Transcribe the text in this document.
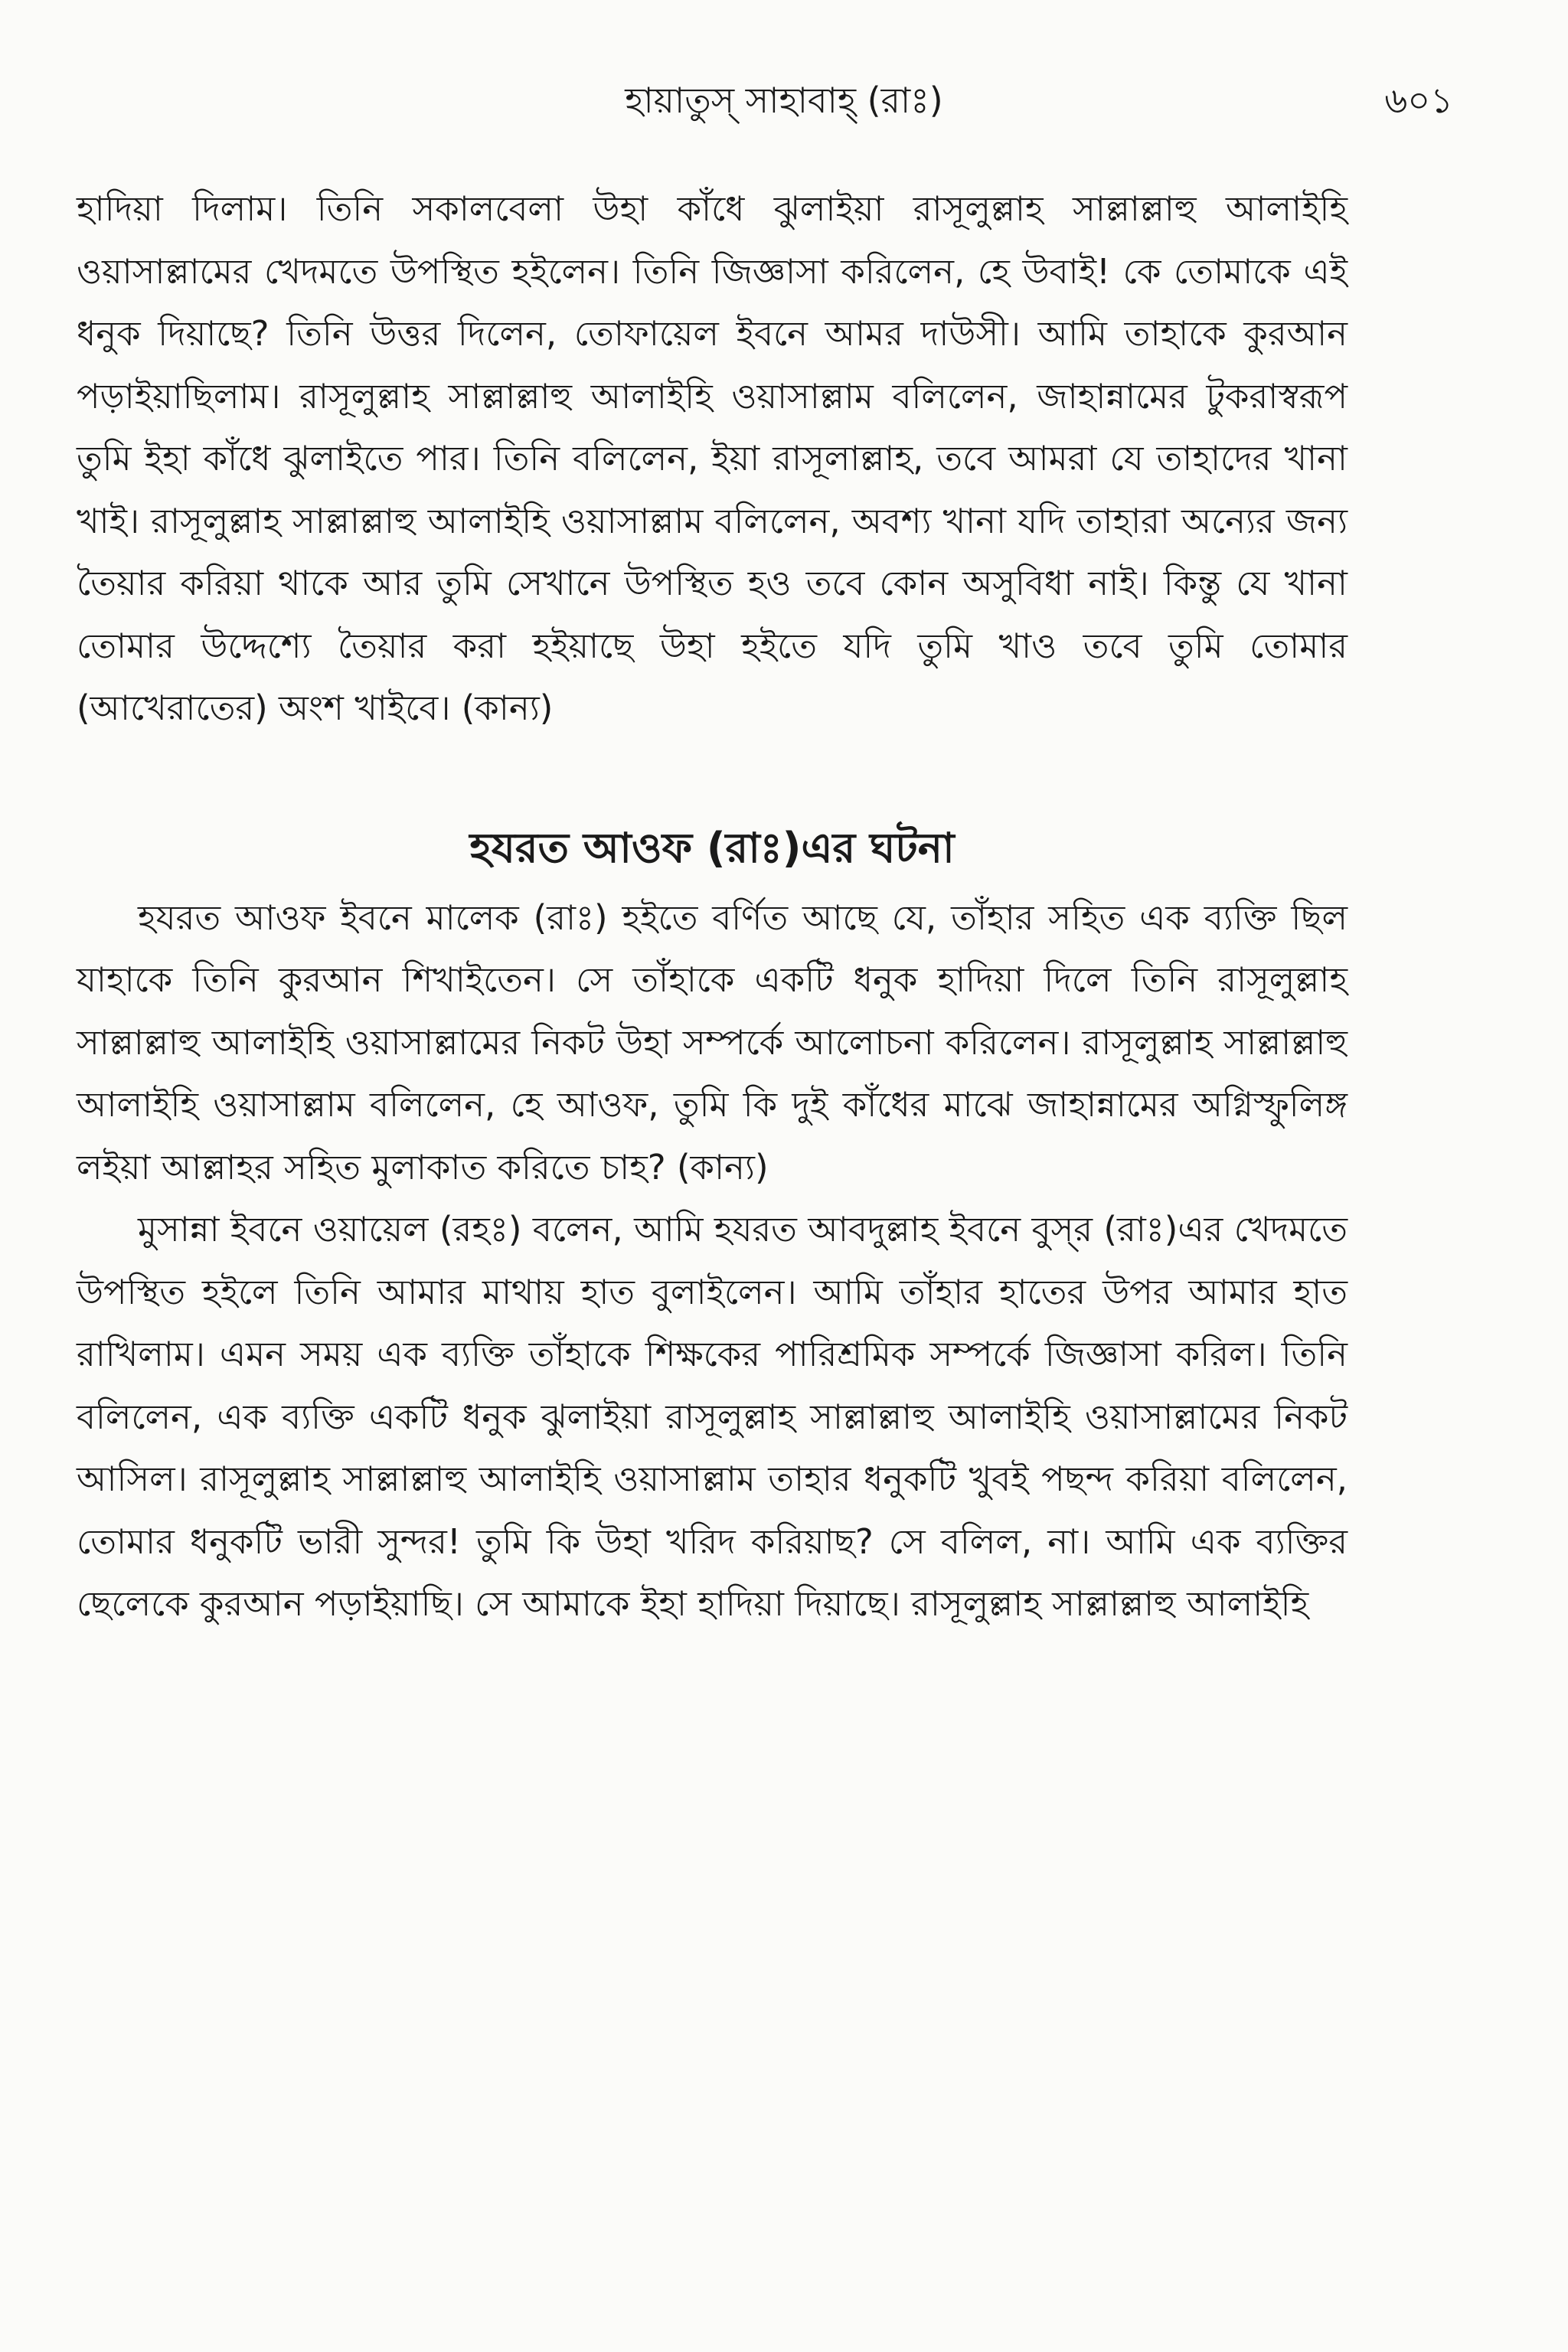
হায়াতুস্ সাহাবাহ্ (রাঃ)	৬০১

হাদিয়া দিলাম। তিনি সকালবেলা উহা কাঁধে ঝুলাইয়া রাসূলুল্লাহ সাল্লাল্লাহু আলাইহি ওয়াসাল্লামের খেদমতে উপস্থিত হইলেন। তিনি জিজ্ঞাসা করিলেন, হে উবাই! কে তোমাকে এই ধনুক দিয়াছে? তিনি উত্তর দিলেন, তোফায়েল ইবনে আমর দাউসী। আমি তাহাকে কুরআন পড়াইয়াছিলাম। রাসূলুল্লাহ সাল্লাল্লাহু আলাইহি ওয়াসাল্লাম বলিলেন, জাহান্নামের টুকরাস্বরূপ তুমি ইহা কাঁধে ঝুলাইতে পার। তিনি বলিলেন, ইয়া রাসূলাল্লাহ, তবে আমরা যে তাহাদের খানা খাই। রাসূলুল্লাহ সাল্লাল্লাহু আলাইহি ওয়াসাল্লাম বলিলেন, অবশ্য খানা যদি তাহারা অন্যের জন্য তৈয়ার করিয়া থাকে আর তুমি সেখানে উপস্থিত হও তবে কোন অসুবিধা নাই। কিন্তু যে খানা তোমার উদ্দেশ্যে তৈয়ার করা হইয়াছে উহা হইতে যদি তুমি খাও তবে তুমি তোমার (আখেরাতের) অংশ খাইবে। (কান্য)

হযরত আওফ (রাঃ)এর ঘটনা

হযরত আওফ ইবনে মালেক (রাঃ) হইতে বর্ণিত আছে যে, তাঁহার সহিত এক ব্যক্তি ছিল যাহাকে তিনি কুরআন শিখাইতেন। সে তাঁহাকে একটি ধনুক হাদিয়া দিলে তিনি রাসূলুল্লাহ সাল্লাল্লাহু আলাইহি ওয়াসাল্লামের নিকট উহা সম্পর্কে আলোচনা করিলেন। রাসূলুল্লাহ সাল্লাল্লাহু আলাইহি ওয়াসাল্লাম বলিলেন, হে আওফ, তুমি কি দুই কাঁধের মাঝে জাহান্নামের অগ্নিস্ফুলিঙ্গ লইয়া আল্লাহর সহিত মুলাকাত করিতে চাহ? (কান্য)

মুসান্না ইবনে ওয়ায়েল (রহঃ) বলেন, আমি হযরত আবদুল্লাহ ইবনে বুস্‌র (রাঃ)এর খেদমতে উপস্থিত হইলে তিনি আমার মাথায় হাত বুলাইলেন। আমি তাঁহার হাতের উপর আমার হাত রাখিলাম। এমন সময় এক ব্যক্তি তাঁহাকে শিক্ষকের পারিশ্রমিক সম্পর্কে জিজ্ঞাসা করিল। তিনি বলিলেন, এক ব্যক্তি একটি ধনুক ঝুলাইয়া রাসূলুল্লাহ সাল্লাল্লাহু আলাইহি ওয়াসাল্লামের নিকট আসিল। রাসূলুল্লাহ সাল্লাল্লাহু আলাইহি ওয়াসাল্লাম তাহার ধনুকটি খুবই পছন্দ করিয়া বলিলেন, তোমার ধনুকটি ভারী সুন্দর! তুমি কি উহা খরিদ করিয়াছ? সে বলিল, না। আমি এক ব্যক্তির ছেলেকে কুরআন পড়াইয়াছি। সে আমাকে ইহা হাদিয়া দিয়াছে। রাসূলুল্লাহ সাল্লাল্লাহু আলাইহি
